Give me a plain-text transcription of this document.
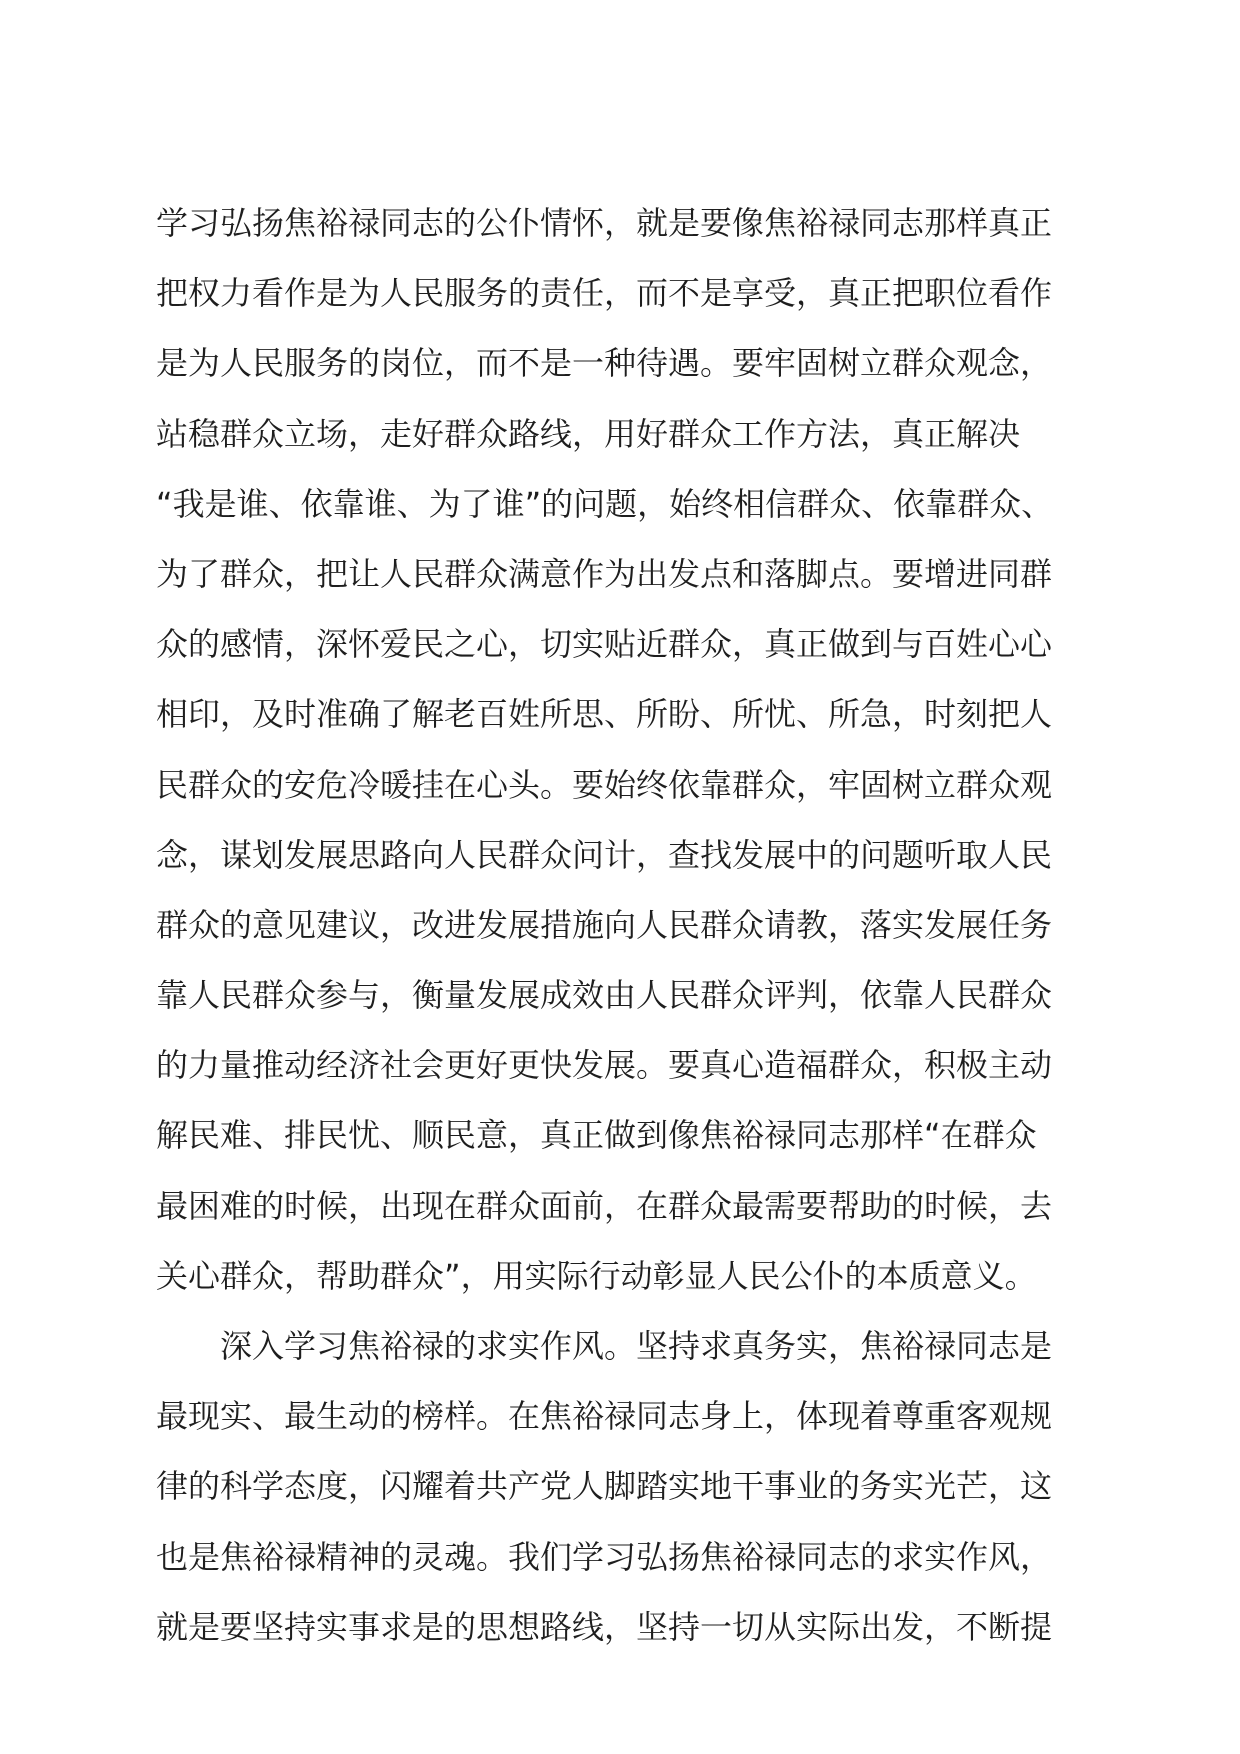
学习弘扬焦裕禄同志的公仆情怀，就是要像焦裕禄同志那样真正
把权力看作是为人民服务的责任，而不是享受，真正把职位看作
是为人民服务的岗位，而不是一种待遇。要牢固树立群众观念，
站稳群众立场，走好群众路线，用好群众工作方法，真正解决
“我是谁、依靠谁、为了谁”的问题，始终相信群众、依靠群众、
为了群众，把让人民群众满意作为出发点和落脚点。要增进同群
众的感情，深怀爱民之心，切实贴近群众，真正做到与百姓心心
相印，及时准确了解老百姓所思、所盼、所忧、所急，时刻把人
民群众的安危冷暖挂在心头。要始终依靠群众，牢固树立群众观
念，谋划发展思路向人民群众问计，查找发展中的问题听取人民
群众的意见建议，改进发展措施向人民群众请教，落实发展任务
靠人民群众参与，衡量发展成效由人民群众评判，依靠人民群众
的力量推动经济社会更好更快发展。要真心造福群众，积极主动
解民难、排民忧、顺民意，真正做到像焦裕禄同志那样“在群众
最困难的时候，出现在群众面前，在群众最需要帮助的时候，去
关心群众，帮助群众”，用实际行动彰显人民公仆的本质意义。
深入学习焦裕禄的求实作风。坚持求真务实，焦裕禄同志是
最现实、最生动的榜样。在焦裕禄同志身上，体现着尊重客观规
律的科学态度，闪耀着共产党人脚踏实地干事业的务实光芒，这
也是焦裕禄精神的灵魂。我们学习弘扬焦裕禄同志的求实作风，
就是要坚持实事求是的思想路线，坚持一切从实际出发，不断提
